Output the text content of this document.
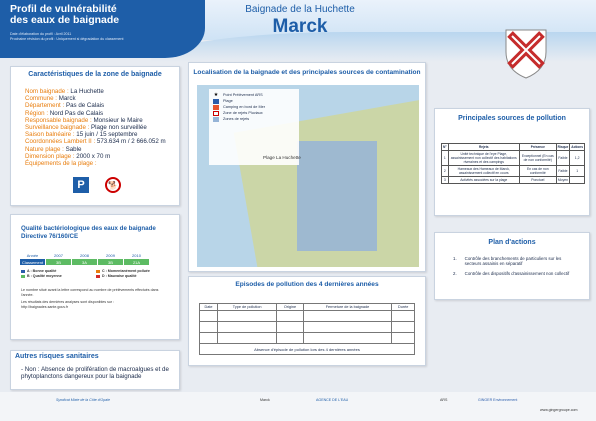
Profil de vulnérabilité
des eaux de baignade
Date d'élaboration du profil : Avril 2011
Prochaine révision du profil : Uniquement si dégradation du classement
Baignade de la Huchette
Marck
Caractéristiques de la zone de baignade
Nom baignade : La Huchette
Commune : Marck
Département : Pas de Calais
Région : Nord Pas de Calais
Responsable baignade : Monsieur le Maire
Surveillance baignade : Plage non surveillée
Saison balnéaire : 15 juin / 15 septembre
Coordonnées Lambert II : 573.634 m / 2 666.052 m
Nature plage : Sable
Dimension plage : 2000 x 70 m
Équipements de la plage :
P	🐕
Qualité bactériologique des eaux de baignade
Directive 76/160/CE
Année	2007	2008	2009	2010
Classement	3B	3A	3B	21A
A : Bonne qualité	C : Momentanément polluée
B : Qualité moyenne	D : Mauvaise qualité
Le nombre situé avant la lettre correspond au nombre de prélèvements effectués dans l'année.
Les résultats des dernières analyses sont disponibles sur :
http://baignades.sante.gouv.fr
Autres risques sanitaires
- Non : Absence de prolifération de macroalgues et de phytoplanctons dangereux pour la baignade
Localisation de la baignade et des principales sources de contamination
★ Point Prélèvement ARS
Plage
Camping en bord de Mer
Zone de rejets Pluviaux
Zones de rejets
Plage La Huchette
Episodes de pollution des 4 dernières années
Date	Type de pollution	Origine	Fermeture de la baignade	Durée

Absence d'épisode de pollution lors des 4 dernières années				
Principales sources de pollution
N°	Rejets	Présence	Risque	Actions
1	Unité technique de l'eye Plage, assainissement non collectif des habitations riveraines et des campings	Exceptionnel (En cas de non conformité)	Faible	1,2
2	Hameaux des Hameaux de Marck, assainissement collectif en cours	En cas de non conformité	Faible	1
3	Activités associées sur la plage	Ponctuel	Moyen	
Plan d'actions
1. Contrôle des branchements de particuliers sur les secteurs assainis en séparatif
2. Contrôle des dispositifs d'assainissement non collectif
Syndicat Mixte de la Côte d'Opale	Marck	AGENCE DE L'EAU	ARS	GINGER Environnement
www.gingergroupe.com
